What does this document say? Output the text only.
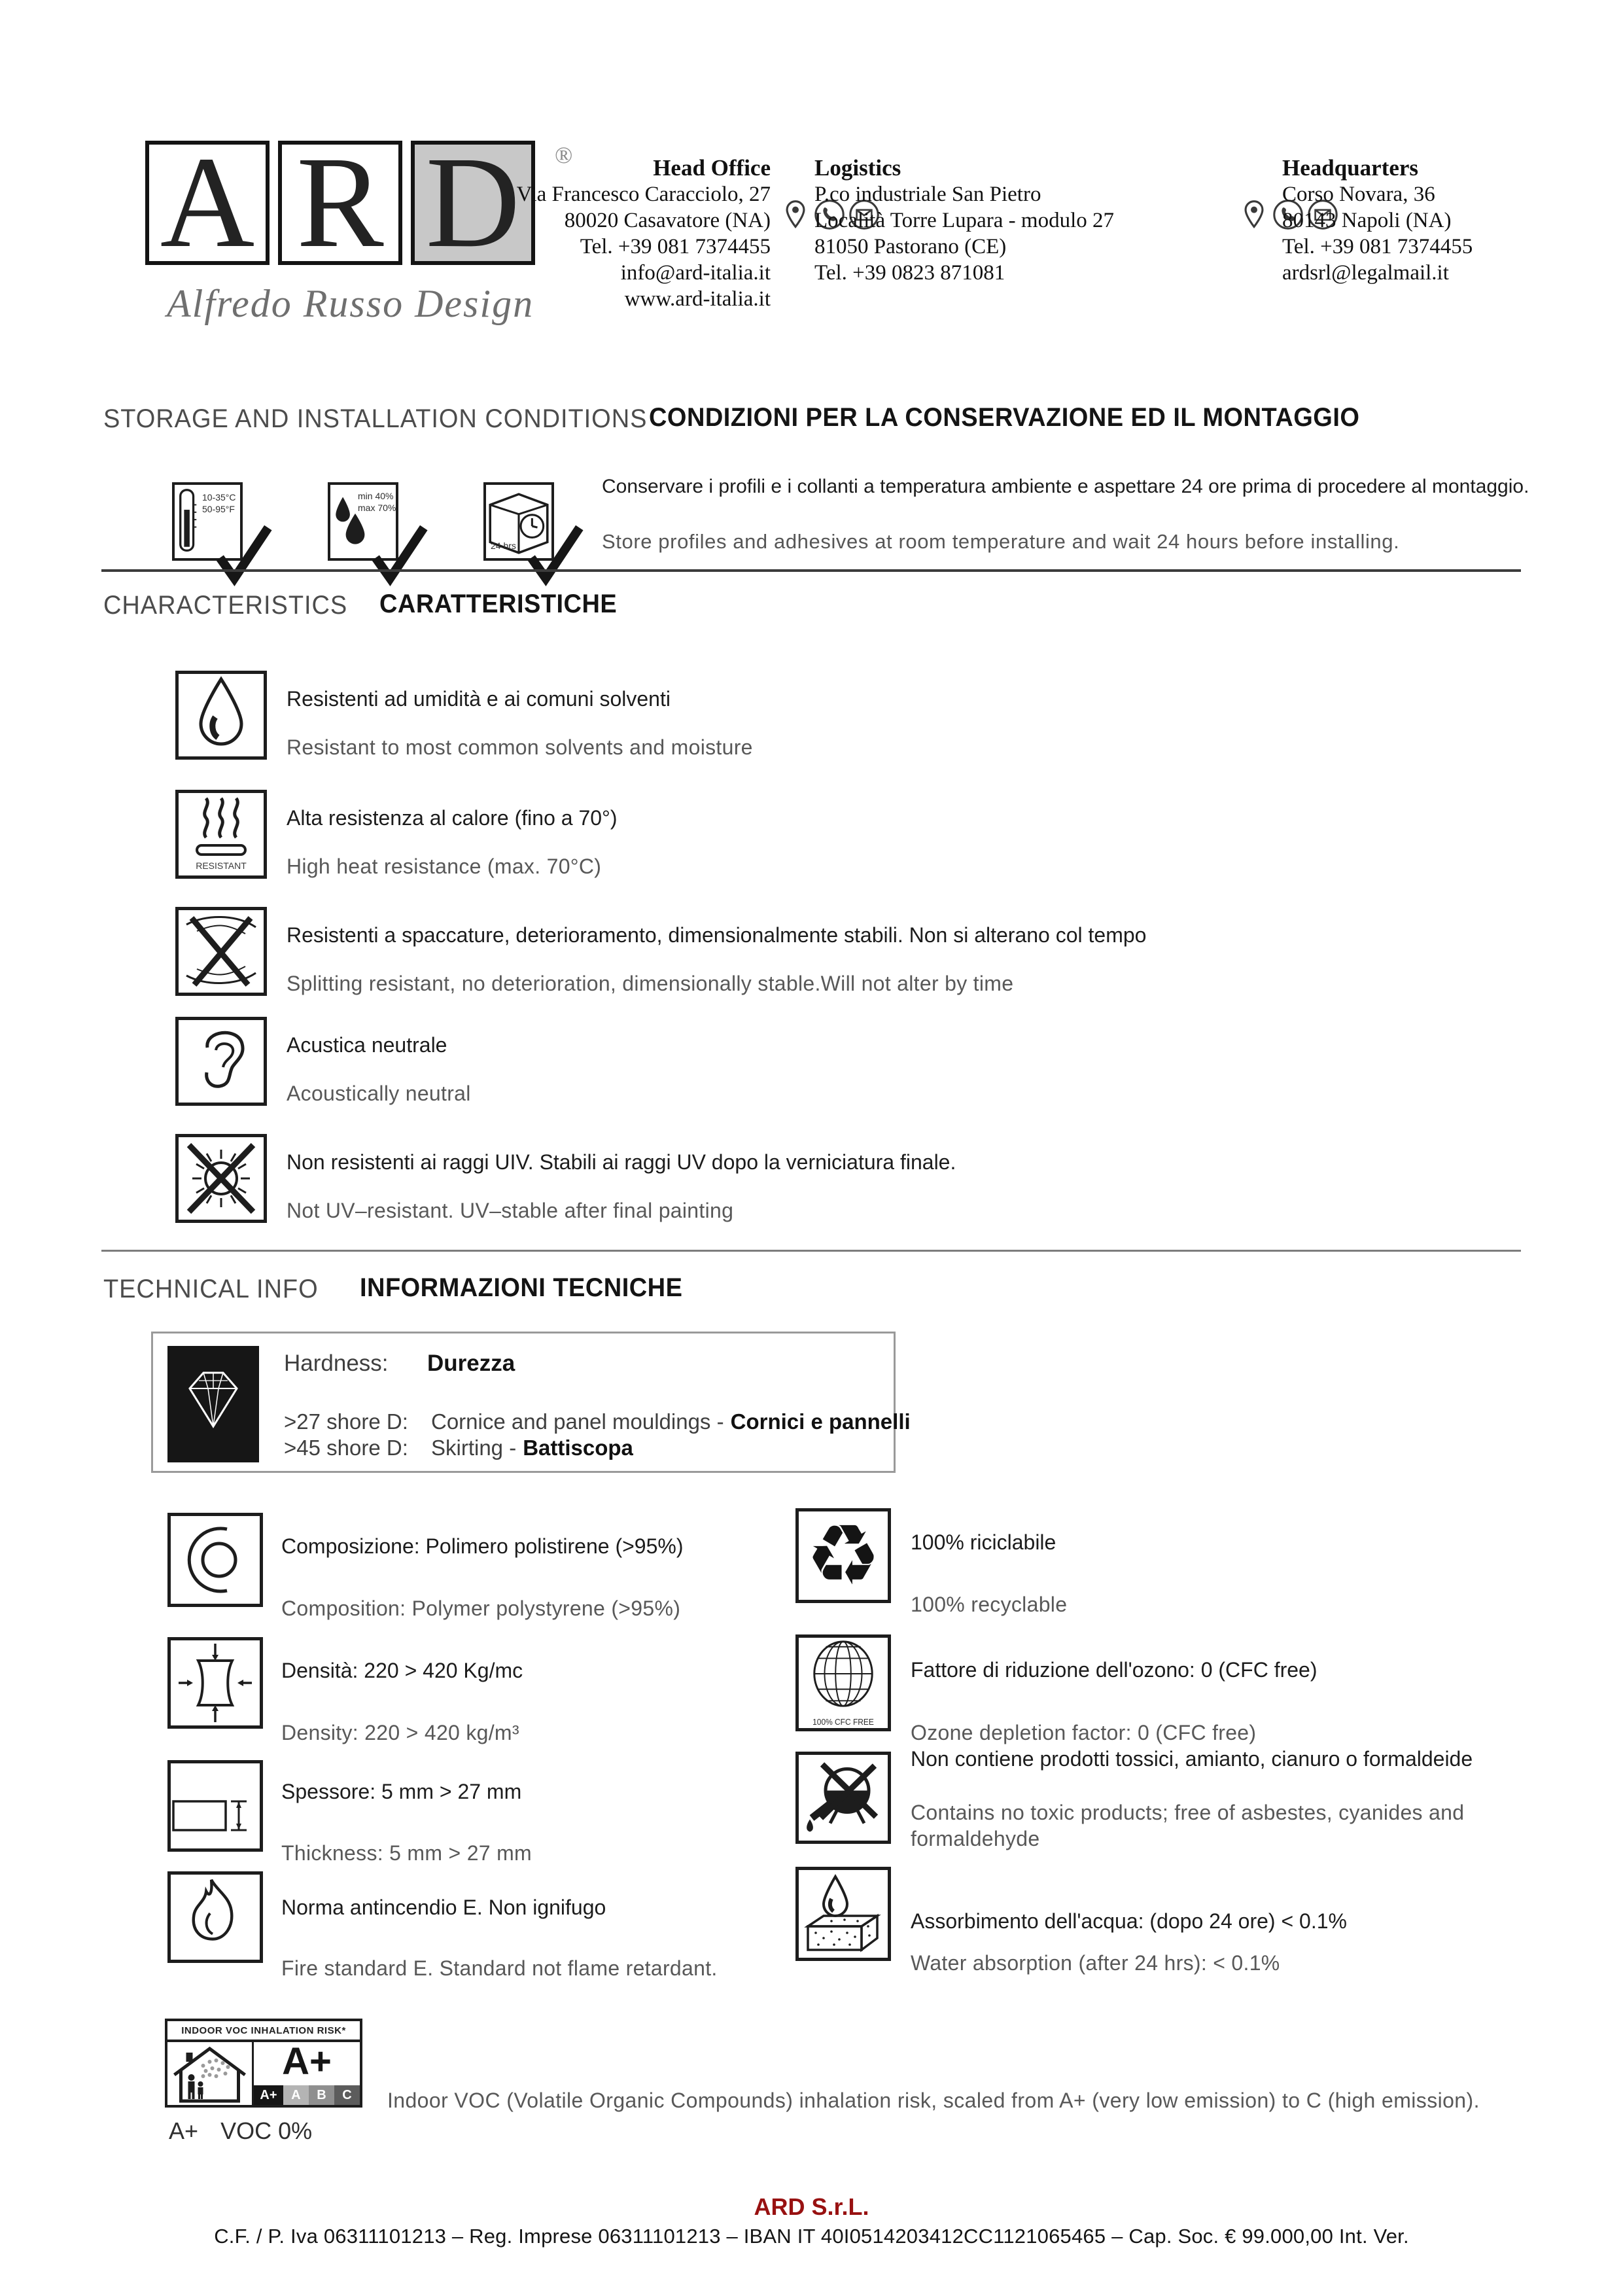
A R D	®
Alfredo Russo Design
Head Office
Via Francesco Caracciolo, 27
80020 Casavatore (NA)
Tel. +39 081 7374455
info@ard-italia.it
www.ard-italia.it

Logistics
P.co industriale San Pietro
Località Torre Lupara - modulo 27
81050 Pastorano (CE)
Tel. +39 0823 871081

Headquarters
Corso Novara, 36
80143 Napoli (NA)
Tel. +39 081 7374455
ardsrl@legalmail.it
STORAGE AND INSTALLATION CONDITIONS CONDIZIONI PER LA CONSERVAZIONE ED IL MONTAGGIO
10-35°C
50-95°F
min 40%
max 70%
24 hrs
Conservare i profili e i collanti a temperatura ambiente e aspettare 24 ore prima di procedere al montaggio.
Store profiles and adhesives at room temperature and wait 24 hours before installing.
CHARACTERISTICS CARATTERISTICHE
Resistenti ad umidità e ai comuni solventi
Resistant to most common solvents and moisture
RESISTANT
Alta resistenza al calore (fino a 70°)
High heat resistance (max. 70°C)
Resistenti a spaccature, deterioramento, dimensionalmente stabili. Non si alterano col tempo
Splitting resistant, no deterioration, dimensionally stable.Will not alter by time
Acustica neutrale
Acoustically neutral
Non resistenti ai raggi UIV. Stabili ai raggi UV dopo la verniciatura finale.
Not UV–resistant. UV–stable after final painting
TECHNICAL INFO INFORMAZIONI TECNICHE
Hardness: Durezza
>27 shore D: Cornice and panel mouldings - Cornici e pannelli
>45 shore D: Skirting - Battiscopa
Composizione: Polimero polistirene (>95%)
Composition: Polymer polystyrene (>95%)
Densità: 220 > 420 Kg/mc
Density: 220 > 420 kg/m³
Spessore: 5 mm > 27 mm
Thickness: 5 mm > 27 mm
Norma antincendio E. Non ignifugo
Fire standard E. Standard not flame retardant.
♻ 100% riciclabile
100% recyclable
100% CFC FREE
Fattore di riduzione dell'ozono: 0 (CFC free)
Ozone depletion factor: 0 (CFC free)
Non contiene prodotti tossici, amianto, cianuro o formaldeide
Contains no toxic products; free of asbestes, cyanides and formaldehyde
Assorbimento dell'acqua: (dopo 24 ore) < 0.1%
Water absorption (after 24 hrs): < 0.1%
INDOOR VOC INHALATION RISK*
A+
A+	A	B	C
A+ VOC 0%
Indoor VOC (Volatile Organic Compounds) inhalation risk, scaled from A+ (very low emission) to C (high emission).
ARD S.r.L.
C.F. / P. Iva 06311101213 – Reg. Imprese 06311101213 – IBAN IT 40I0514203412CC1121065465 – Cap. Soc. € 99.000,00 Int. Ver.
